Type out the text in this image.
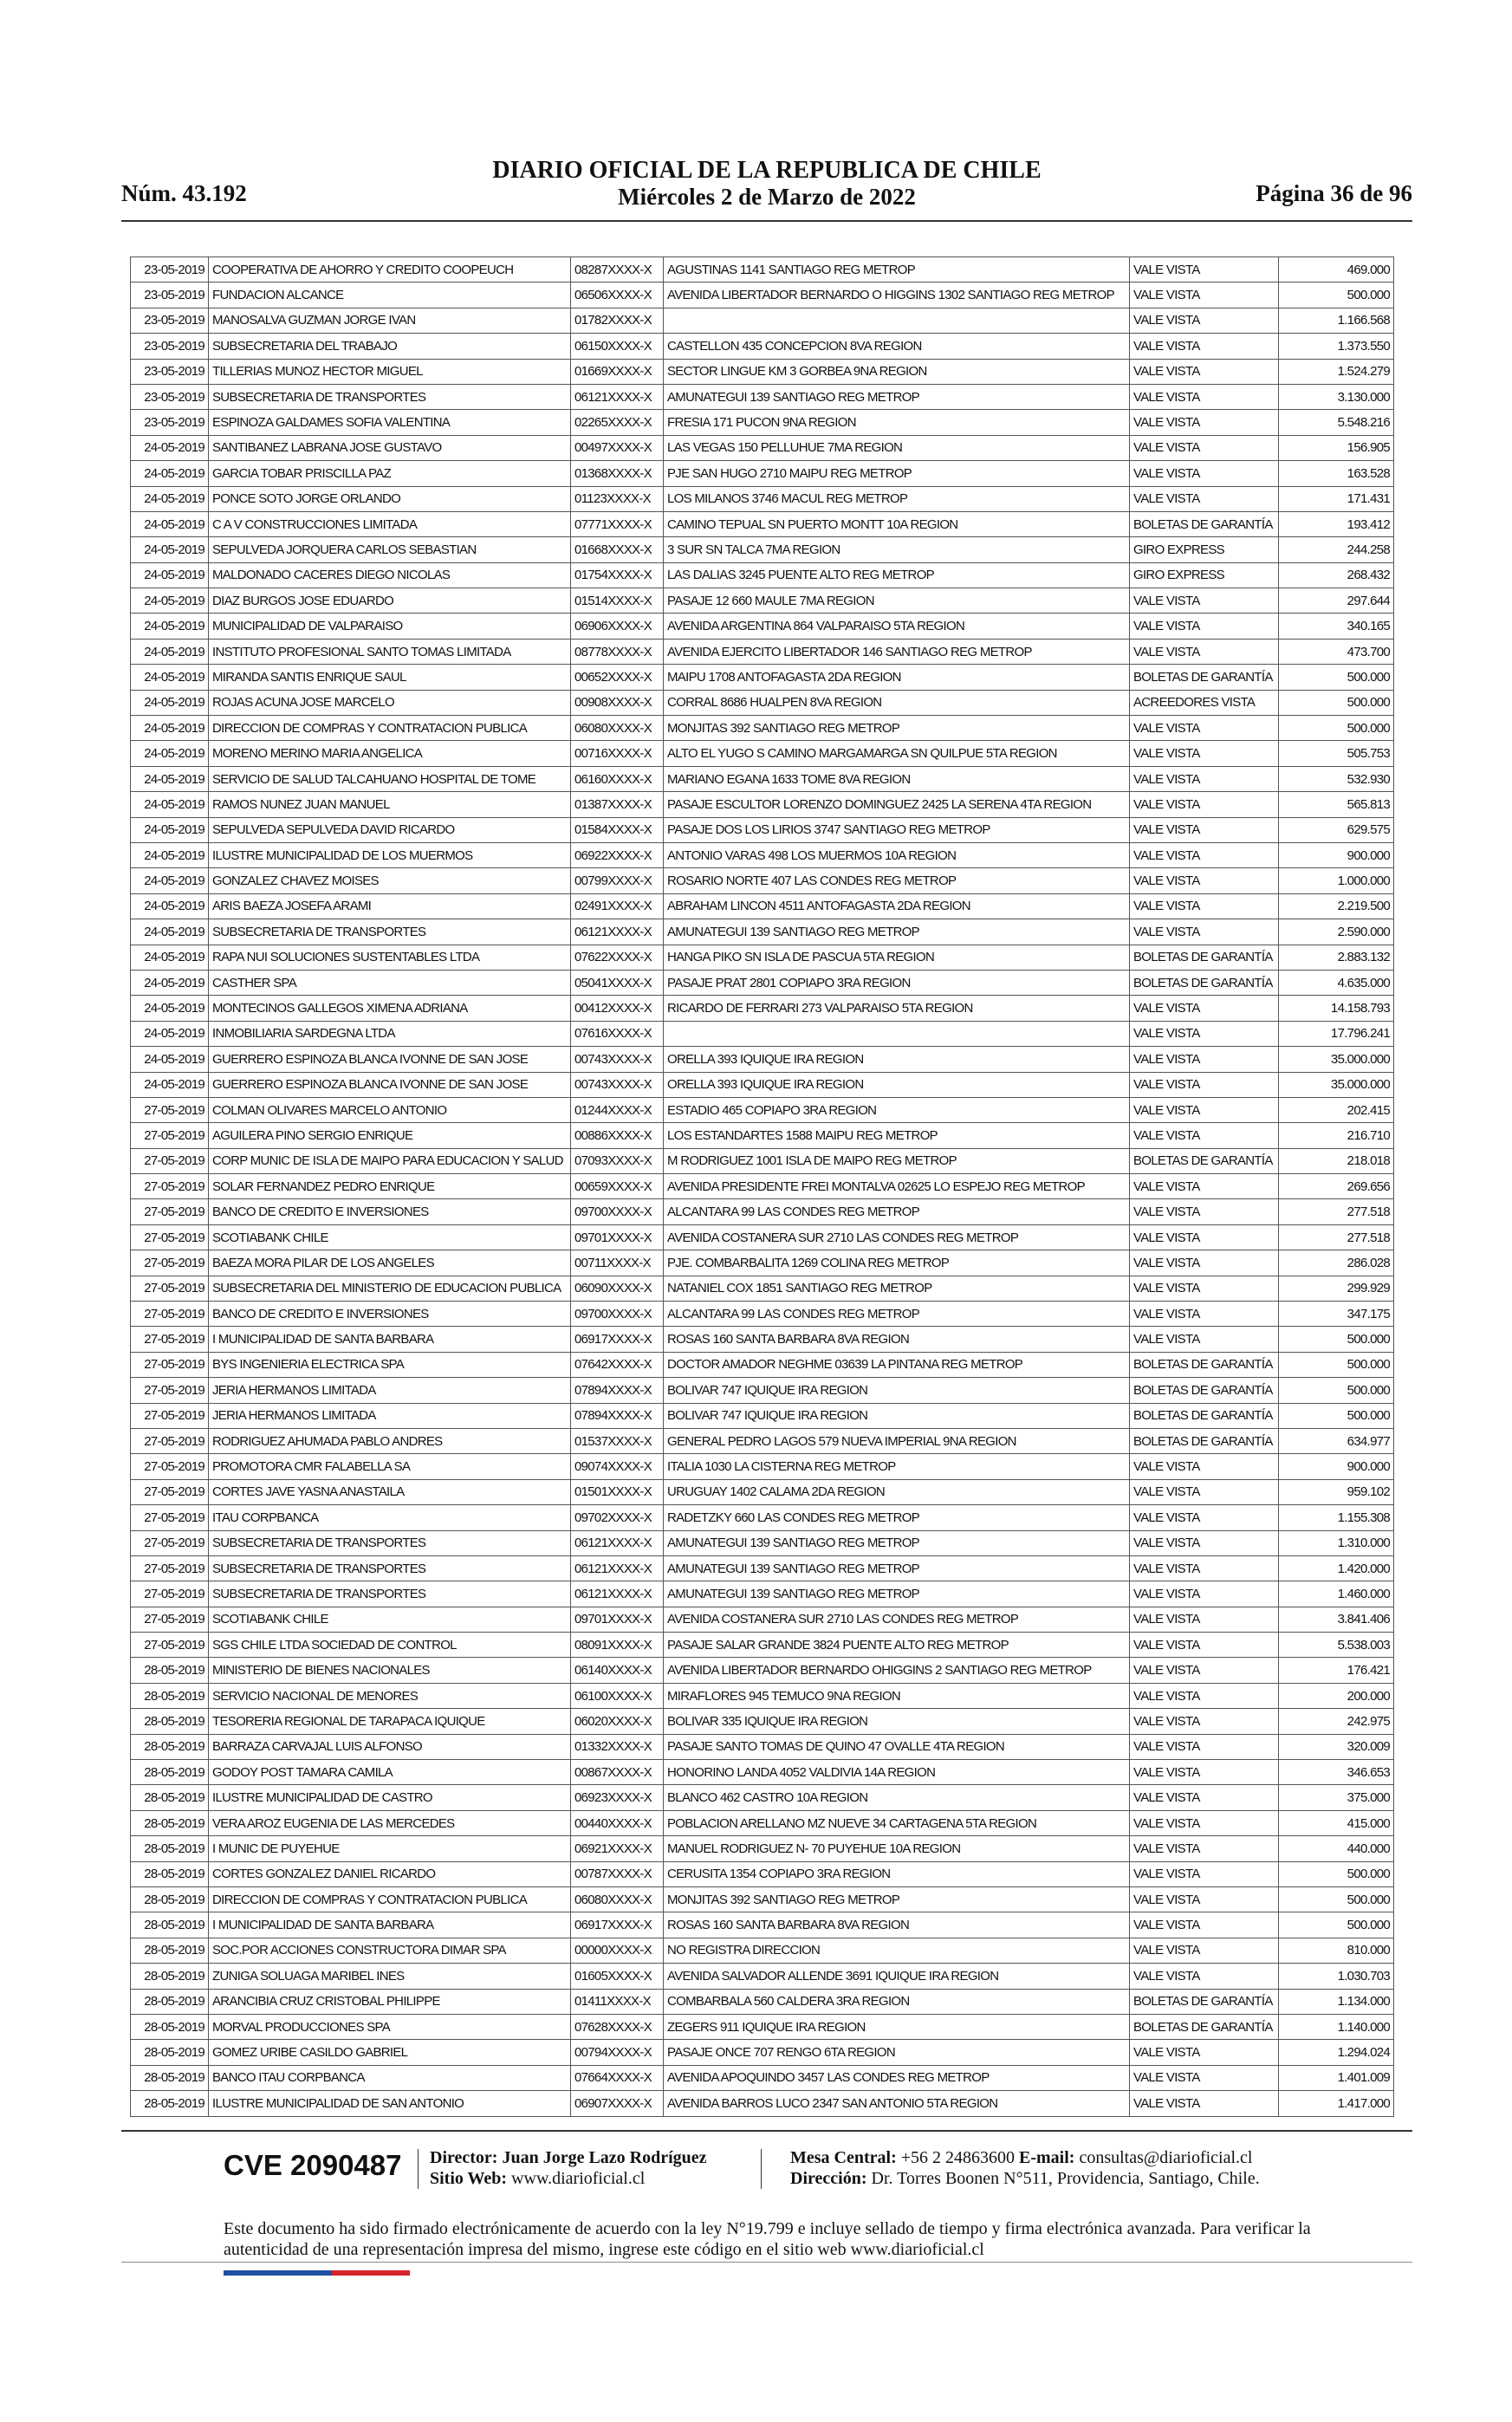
Núm. 43.192
DIARIO OFICIAL DE LA REPUBLICA DE CHILE
Miércoles 2 de Marzo de 2022	Página 36 de 96
23-05-2019	COOPERATIVA DE AHORRO Y CREDITO COOPEUCH	08287XXXX-X	AGUSTINAS 1141 SANTIAGO REG METROP	VALE VISTA	469.000
23-05-2019	FUNDACION ALCANCE	06506XXXX-X	AVENIDA LIBERTADOR BERNARDO O HIGGINS 1302 SANTIAGO REG METROP	VALE VISTA	500.000
23-05-2019	MANOSALVA GUZMAN JORGE IVAN	01782XXXX-X		VALE VISTA	1.166.568
23-05-2019	SUBSECRETARIA DEL TRABAJO	06150XXXX-X	CASTELLON 435 CONCEPCION 8VA REGION	VALE VISTA	1.373.550
23-05-2019	TILLERIAS MUNOZ HECTOR MIGUEL	01669XXXX-X	SECTOR LINGUE KM 3 GORBEA 9NA REGION	VALE VISTA	1.524.279
23-05-2019	SUBSECRETARIA DE TRANSPORTES	06121XXXX-X	AMUNATEGUI 139 SANTIAGO REG METROP	VALE VISTA	3.130.000
23-05-2019	ESPINOZA GALDAMES SOFIA VALENTINA	02265XXXX-X	FRESIA 171 PUCON 9NA REGION	VALE VISTA	5.548.216
24-05-2019	SANTIBANEZ LABRANA JOSE GUSTAVO	00497XXXX-X	LAS VEGAS 150 PELLUHUE 7MA REGION	VALE VISTA	156.905
24-05-2019	GARCIA TOBAR PRISCILLA PAZ	01368XXXX-X	PJE SAN HUGO 2710 MAIPU REG METROP	VALE VISTA	163.528
24-05-2019	PONCE SOTO JORGE ORLANDO	01123XXXX-X	LOS MILANOS 3746 MACUL REG METROP	VALE VISTA	171.431
24-05-2019	C A V CONSTRUCCIONES LIMITADA	07771XXXX-X	CAMINO TEPUAL SN PUERTO MONTT 10A REGION	BOLETAS DE GARANTÍA	193.412
24-05-2019	SEPULVEDA JORQUERA CARLOS SEBASTIAN	01668XXXX-X	3 SUR SN TALCA 7MA REGION	GIRO EXPRESS	244.258
24-05-2019	MALDONADO CACERES DIEGO NICOLAS	01754XXXX-X	LAS DALIAS 3245 PUENTE ALTO REG METROP	GIRO EXPRESS	268.432
24-05-2019	DIAZ BURGOS JOSE EDUARDO	01514XXXX-X	PASAJE 12 660 MAULE 7MA REGION	VALE VISTA	297.644
24-05-2019	MUNICIPALIDAD DE VALPARAISO	06906XXXX-X	AVENIDA ARGENTINA 864 VALPARAISO 5TA REGION	VALE VISTA	340.165
24-05-2019	INSTITUTO PROFESIONAL SANTO TOMAS LIMITADA	08778XXXX-X	AVENIDA EJERCITO LIBERTADOR 146 SANTIAGO REG METROP	VALE VISTA	473.700
24-05-2019	MIRANDA SANTIS ENRIQUE SAUL	00652XXXX-X	MAIPU 1708 ANTOFAGASTA 2DA REGION	BOLETAS DE GARANTÍA	500.000
24-05-2019	ROJAS ACUNA JOSE MARCELO	00908XXXX-X	CORRAL 8686 HUALPEN 8VA REGION	ACREEDORES VISTA	500.000
24-05-2019	DIRECCION DE COMPRAS Y CONTRATACION PUBLICA	06080XXXX-X	MONJITAS 392 SANTIAGO REG METROP	VALE VISTA	500.000
24-05-2019	MORENO MERINO MARIA ANGELICA	00716XXXX-X	ALTO EL YUGO S CAMINO MARGAMARGA SN QUILPUE 5TA REGION	VALE VISTA	505.753
24-05-2019	SERVICIO DE SALUD TALCAHUANO HOSPITAL DE TOME	06160XXXX-X	MARIANO EGANA 1633 TOME 8VA REGION	VALE VISTA	532.930
24-05-2019	RAMOS NUNEZ JUAN MANUEL	01387XXXX-X	PASAJE ESCULTOR LORENZO DOMINGUEZ 2425 LA SERENA 4TA REGION	VALE VISTA	565.813
24-05-2019	SEPULVEDA SEPULVEDA DAVID RICARDO	01584XXXX-X	PASAJE DOS LOS LIRIOS 3747 SANTIAGO REG METROP	VALE VISTA	629.575
24-05-2019	ILUSTRE MUNICIPALIDAD DE LOS MUERMOS	06922XXXX-X	ANTONIO VARAS 498 LOS MUERMOS 10A REGION	VALE VISTA	900.000
24-05-2019	GONZALEZ CHAVEZ MOISES	00799XXXX-X	ROSARIO NORTE 407 LAS CONDES REG METROP	VALE VISTA	1.000.000
24-05-2019	ARIS BAEZA JOSEFA ARAMI	02491XXXX-X	ABRAHAM LINCON 4511 ANTOFAGASTA 2DA REGION	VALE VISTA	2.219.500
24-05-2019	SUBSECRETARIA DE TRANSPORTES	06121XXXX-X	AMUNATEGUI 139 SANTIAGO REG METROP	VALE VISTA	2.590.000
24-05-2019	RAPA NUI SOLUCIONES SUSTENTABLES LTDA	07622XXXX-X	HANGA PIKO SN ISLA DE PASCUA 5TA REGION	BOLETAS DE GARANTÍA	2.883.132
24-05-2019	CASTHER SPA	05041XXXX-X	PASAJE PRAT 2801 COPIAPO 3RA REGION	BOLETAS DE GARANTÍA	4.635.000
24-05-2019	MONTECINOS GALLEGOS XIMENA ADRIANA	00412XXXX-X	RICARDO DE FERRARI 273 VALPARAISO 5TA REGION	VALE VISTA	14.158.793
24-05-2019	INMOBILIARIA SARDEGNA LTDA	07616XXXX-X		VALE VISTA	17.796.241
24-05-2019	GUERRERO ESPINOZA BLANCA IVONNE DE SAN JOSE	00743XXXX-X	ORELLA 393 IQUIQUE IRA REGION	VALE VISTA	35.000.000
24-05-2019	GUERRERO ESPINOZA BLANCA IVONNE DE SAN JOSE	00743XXXX-X	ORELLA 393 IQUIQUE IRA REGION	VALE VISTA	35.000.000
27-05-2019	COLMAN OLIVARES MARCELO ANTONIO	01244XXXX-X	ESTADIO 465 COPIAPO 3RA REGION	VALE VISTA	202.415
27-05-2019	AGUILERA PINO SERGIO ENRIQUE	00886XXXX-X	LOS ESTANDARTES 1588 MAIPU REG METROP	VALE VISTA	216.710
27-05-2019	CORP MUNIC DE ISLA DE MAIPO PARA EDUCACION Y SALUD	07093XXXX-X	M RODRIGUEZ 1001 ISLA DE MAIPO REG METROP	BOLETAS DE GARANTÍA	218.018
27-05-2019	SOLAR FERNANDEZ PEDRO ENRIQUE	00659XXXX-X	AVENIDA PRESIDENTE FREI MONTALVA 02625 LO ESPEJO REG METROP	VALE VISTA	269.656
27-05-2019	BANCO DE CREDITO E INVERSIONES	09700XXXX-X	ALCANTARA 99 LAS CONDES REG METROP	VALE VISTA	277.518
27-05-2019	SCOTIABANK CHILE	09701XXXX-X	AVENIDA COSTANERA SUR 2710 LAS CONDES REG METROP	VALE VISTA	277.518
27-05-2019	BAEZA MORA PILAR DE LOS ANGELES	00711XXXX-X	PJE. COMBARBALITA 1269 COLINA REG METROP	VALE VISTA	286.028
27-05-2019	SUBSECRETARIA DEL MINISTERIO DE EDUCACION PUBLICA	06090XXXX-X	NATANIEL COX 1851 SANTIAGO REG METROP	VALE VISTA	299.929
27-05-2019	BANCO DE CREDITO E INVERSIONES	09700XXXX-X	ALCANTARA 99 LAS CONDES REG METROP	VALE VISTA	347.175
27-05-2019	I MUNICIPALIDAD DE SANTA BARBARA	06917XXXX-X	ROSAS 160 SANTA BARBARA 8VA REGION	VALE VISTA	500.000
27-05-2019	BYS INGENIERIA ELECTRICA SPA	07642XXXX-X	DOCTOR AMADOR NEGHME 03639 LA PINTANA REG METROP	BOLETAS DE GARANTÍA	500.000
27-05-2019	JERIA HERMANOS LIMITADA	07894XXXX-X	BOLIVAR 747 IQUIQUE IRA REGION	BOLETAS DE GARANTÍA	500.000
27-05-2019	JERIA HERMANOS LIMITADA	07894XXXX-X	BOLIVAR 747 IQUIQUE IRA REGION	BOLETAS DE GARANTÍA	500.000
27-05-2019	RODRIGUEZ AHUMADA PABLO ANDRES	01537XXXX-X	GENERAL PEDRO LAGOS 579 NUEVA IMPERIAL 9NA REGION	BOLETAS DE GARANTÍA	634.977
27-05-2019	PROMOTORA CMR FALABELLA SA	09074XXXX-X	ITALIA 1030 LA CISTERNA REG METROP	VALE VISTA	900.000
27-05-2019	CORTES JAVE YASNA ANASTAILA	01501XXXX-X	URUGUAY 1402 CALAMA 2DA REGION	VALE VISTA	959.102
27-05-2019	ITAU CORPBANCA	09702XXXX-X	RADETZKY 660 LAS CONDES REG METROP	VALE VISTA	1.155.308
27-05-2019	SUBSECRETARIA DE TRANSPORTES	06121XXXX-X	AMUNATEGUI 139 SANTIAGO REG METROP	VALE VISTA	1.310.000
27-05-2019	SUBSECRETARIA DE TRANSPORTES	06121XXXX-X	AMUNATEGUI 139 SANTIAGO REG METROP	VALE VISTA	1.420.000
27-05-2019	SUBSECRETARIA DE TRANSPORTES	06121XXXX-X	AMUNATEGUI 139 SANTIAGO REG METROP	VALE VISTA	1.460.000
27-05-2019	SCOTIABANK CHILE	09701XXXX-X	AVENIDA COSTANERA SUR 2710 LAS CONDES REG METROP	VALE VISTA	3.841.406
27-05-2019	SGS CHILE LTDA SOCIEDAD DE CONTROL	08091XXXX-X	PASAJE SALAR GRANDE 3824 PUENTE ALTO REG METROP	VALE VISTA	5.538.003
28-05-2019	MINISTERIO DE BIENES NACIONALES	06140XXXX-X	AVENIDA LIBERTADOR BERNARDO OHIGGINS 2 SANTIAGO REG METROP	VALE VISTA	176.421
28-05-2019	SERVICIO NACIONAL DE MENORES	06100XXXX-X	MIRAFLORES 945 TEMUCO 9NA REGION	VALE VISTA	200.000
28-05-2019	TESORERIA REGIONAL DE TARAPACA IQUIQUE	06020XXXX-X	BOLIVAR 335 IQUIQUE IRA REGION	VALE VISTA	242.975
28-05-2019	BARRAZA CARVAJAL LUIS ALFONSO	01332XXXX-X	PASAJE SANTO TOMAS DE QUINO 47 OVALLE 4TA REGION	VALE VISTA	320.009
28-05-2019	GODOY POST TAMARA CAMILA	00867XXXX-X	HONORINO LANDA 4052 VALDIVIA 14A REGION	VALE VISTA	346.653
28-05-2019	ILUSTRE MUNICIPALIDAD DE CASTRO	06923XXXX-X	BLANCO 462 CASTRO 10A REGION	VALE VISTA	375.000
28-05-2019	VERA AROZ EUGENIA DE LAS MERCEDES	00440XXXX-X	POBLACION ARELLANO MZ NUEVE 34 CARTAGENA 5TA REGION	VALE VISTA	415.000
28-05-2019	I MUNIC DE PUYEHUE	06921XXXX-X	MANUEL RODRIGUEZ N- 70 PUYEHUE 10A REGION	VALE VISTA	440.000
28-05-2019	CORTES GONZALEZ DANIEL RICARDO	00787XXXX-X	CERUSITA 1354 COPIAPO 3RA REGION	VALE VISTA	500.000
28-05-2019	DIRECCION DE COMPRAS Y CONTRATACION PUBLICA	06080XXXX-X	MONJITAS 392 SANTIAGO REG METROP	VALE VISTA	500.000
28-05-2019	I MUNICIPALIDAD DE SANTA BARBARA	06917XXXX-X	ROSAS 160 SANTA BARBARA 8VA REGION	VALE VISTA	500.000
28-05-2019	SOC.POR ACCIONES CONSTRUCTORA DIMAR SPA	00000XXXX-X	NO REGISTRA DIRECCION	VALE VISTA	810.000
28-05-2019	ZUNIGA SOLUAGA MARIBEL INES	01605XXXX-X	AVENIDA SALVADOR ALLENDE 3691 IQUIQUE IRA REGION	VALE VISTA	1.030.703
28-05-2019	ARANCIBIA CRUZ CRISTOBAL PHILIPPE	01411XXXX-X	COMBARBALA 560 CALDERA 3RA REGION	BOLETAS DE GARANTÍA	1.134.000
28-05-2019	MORVAL PRODUCCIONES SPA	07628XXXX-X	ZEGERS 911 IQUIQUE IRA REGION	BOLETAS DE GARANTÍA	1.140.000
28-05-2019	GOMEZ URIBE CASILDO GABRIEL	00794XXXX-X	PASAJE ONCE 707 RENGO 6TA REGION	VALE VISTA	1.294.024
28-05-2019	BANCO ITAU CORPBANCA	07664XXXX-X	AVENIDA APOQUINDO 3457 LAS CONDES REG METROP	VALE VISTA	1.401.009
28-05-2019	ILUSTRE MUNICIPALIDAD DE SAN ANTONIO	06907XXXX-X	AVENIDA BARROS LUCO 2347 SAN ANTONIO 5TA REGION	VALE VISTA	1.417.000
CVE 2090487 Director: Juan Jorge Lazo Rodríguez
Sitio Web: www.diarioficial.cl
Mesa Central: +56 2 24863600 E-mail: consultas@diarioficial.cl
Dirección: Dr. Torres Boonen N°511, Providencia, Santiago, Chile.
Este documento ha sido firmado electrónicamente de acuerdo con la ley N°19.799 e incluye sellado de tiempo y firma electrónica avanzada. Para verificar la autenticidad de una representación impresa del mismo, ingrese este código en el sitio web www.diarioficial.cl
